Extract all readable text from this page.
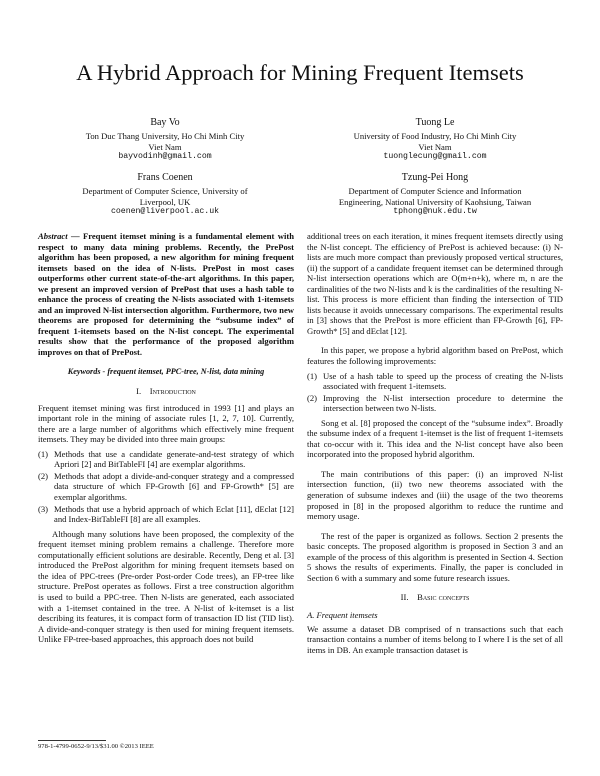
A Hybrid Approach for Mining Frequent Itemsets
Bay Vo
Ton Duc Thang University, Ho Chi Minh City
Viet Nam
bayvodinh@gmail.com
Tuong Le
University of Food Industry, Ho Chi Minh City
Viet Nam
tuonglecung@gmail.com
Frans Coenen
Department of Computer Science, University of
Liverpool, UK
coenen@liverpool.ac.uk
Tzung-Pei Hong
Department of Computer Science and Information
Engineering, National University of Kaohsiung, Taiwan
tphong@nuk.edu.tw

Abstract — Frequent itemset mining is a fundamental element with respect to many data mining problems. Recently, the PrePost algorithm has been proposed, a new algorithm for mining frequent itemsets based on the idea of N-lists. PrePost in most cases outperforms other current state-of-the-art algorithms. In this paper, we present an improved version of PrePost that uses a hash table to enhance the process of creating the N-lists associated with 1-itemsets and an improved N-list intersection algorithm. Furthermore, two new theorems are proposed for determining the “subsume index” of frequent 1-itemsets based on the N-list concept. The experimental results show that the performance of the proposed algorithm improves on that of PrePost.

Keywords - frequent itemset, PPC-tree, N-list, data mining
I. Introduction

Frequent itemset mining was first introduced in 1993 [1] and plays an important role in the mining of associate rules [1, 2, 7, 10]. Currently, there are a large number of algorithms which effectively mine frequent itemsets. They may be divided into three main groups:

(1) Methods that use a candidate generate-and-test strategy of which Apriori [2] and BitTableFI [4] are exemplar algorithms.
(2) Methods that adopt a divide-and-conquer strategy and a compressed data structure of which FP-Growth [6] and FP-Growth* [5] are exemplar algorithms.
(3) Methods that use a hybrid approach of which Eclat [11], dEclat [12] and Index-BitTableFI [8] are all examples.

Although many solutions have been proposed, the complexity of the frequent itemset mining problem remains a challenge. Therefore more computationally efficient solutions are desirable. Recently, Deng et al. [3] introduced the PrePost algorithm for mining frequent itemsets based on the idea of PPC-trees (Pre-order Post-order Code trees), an FP-tree like structure. PrePost operates as follows. First a tree construction algorithm is used to build a PPC-tree. Then N-lists are generated, each associated with a 1-itemset contained in the tree. A N-list of k-itemset is a list describing its features, it is compact form of transaction ID list (TID list). A divide-and-conquer strategy is then used for mining frequent itemsets. Unlike FP-tree-based approaches, this approach does not build

978-1-4799-0652-9/13/$31.00 ©2013 IEEE

additional trees on each iteration, it mines frequent itemsets directly using the N-list concept. The efficiency of PrePost is achieved because: (i) N-lists are much more compact than previously proposed vertical structures, (ii) the support of a candidate frequent itemset can be determined through N-list intersection operations which are O(m+n+k), where m, n are the cardinalities of the two N-lists and k is the cardinalities of the resulting N-list. This process is more efficient than finding the intersection of TID lists because it avoids unnecessary comparisons. The experimental results in [3] shows that the PrePost is more efficient than FP-Growth [6], FP-Growth* [5] and dEclat [12].

In this paper, we propose a hybrid algorithm based on PrePost, which features the following improvements:

(1) Use of a hash table to speed up the process of creating the N-lists associated with frequent 1-itemsets.
(2) Improving the N-list intersection procedure to determine the intersection between two N-lists.

Song et al. [8] proposed the concept of the “subsume index”. Broadly the subsume index of a frequent 1-itemset is the list of frequent 1-itemsets that co-occur with it. This idea and the N-list concept have also been incorporated into the proposed hybrid algorithm.

The main contributions of this paper: (i) an improved N-list intersection function, (ii) two new theorems associated with the generation of subsume indexes and (iii) the usage of the two theorems proposed in [8] in the proposed algorithm to reduce the runtime and memory usage.

The rest of the paper is organized as follows. Section 2 presents the basic concepts. The proposed algorithm is proposed in Section 3 and an example of the process of this algorithm is presented in Section 4. Section 5 shows the results of experiments. Finally, the paper is concluded in Section 6 with a summary and some future research issues.

II. Basic concepts
A. Frequent itemsets

We assume a dataset DB comprised of n transactions such that each transaction contains a number of items belong to I where I is the set of all items in DB. An example transaction dataset is
